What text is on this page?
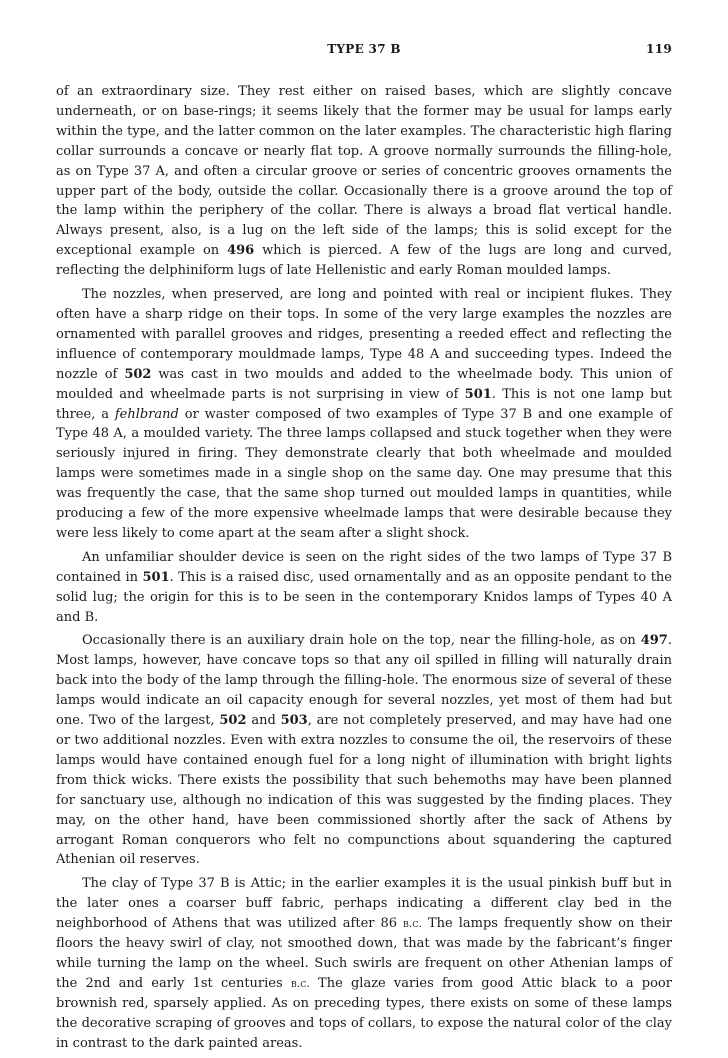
TYPE 37 B	119

of an extraordinary size. They rest either on raised bases, which are slightly concave underneath, or on base-rings; it seems likely that the former may be usual for lamps early within the type, and the latter common on the later examples. The characteristic high flaring collar surrounds a concave or nearly flat top. A groove normally surrounds the filling-hole, as on Type 37 A, and often a circular groove or series of concentric grooves ornaments the upper part of the body, outside the collar. Occasionally there is a groove around the top of the lamp within the periphery of the collar. There is always a broad flat vertical handle. Always present, also, is a lug on the left side of the lamps; this is solid except for the exceptional example on 496 which is pierced. A few of the lugs are long and curved, reflecting the delphiniform lugs of late Hellenistic and early Roman moulded lamps.

The nozzles, when preserved, are long and pointed with real or incipient flukes. They often have a sharp ridge on their tops. In some of the very large examples the nozzles are ornamented with parallel grooves and ridges, presenting a reeded effect and reflecting the influence of contemporary mouldmade lamps, Type 48 A and succeeding types. Indeed the nozzle of 502 was cast in two moulds and added to the wheelmade body. This union of moulded and wheelmade parts is not surprising in view of 501. This is not one lamp but three, a fehlbrand or waster composed of two examples of Type 37 B and one example of Type 48 A, a moulded variety. The three lamps collapsed and stuck together when they were seriously injured in firing. They demonstrate clearly that both wheelmade and moulded lamps were sometimes made in a single shop on the same day. One may presume that this was frequently the case, that the same shop turned out moulded lamps in quantities, while producing a few of the more expensive wheelmade lamps that were desirable because they were less likely to come apart at the seam after a slight shock.

An unfamiliar shoulder device is seen on the right sides of the two lamps of Type 37 B contained in 501. This is a raised disc, used ornamentally and as an opposite pendant to the solid lug; the origin for this is to be seen in the contemporary Knidos lamps of Types 40 A and B.

Occasionally there is an auxiliary drain hole on the top, near the filling-hole, as on 497. Most lamps, however, have concave tops so that any oil spilled in filling will naturally drain back into the body of the lamp through the filling-hole. The enormous size of several of these lamps would indicate an oil capacity enough for several nozzles, yet most of them had but one. Two of the largest, 502 and 503, are not completely preserved, and may have had one or two additional nozzles. Even with extra nozzles to consume the oil, the reservoirs of these lamps would have contained enough fuel for a long night of illumination with bright lights from thick wicks. There exists the possibility that such behemoths may have been planned for sanctuary use, although no indication of this was suggested by the finding places. They may, on the other hand, have been commissioned shortly after the sack of Athens by arrogant Roman conquerors who felt no compunctions about squandering the captured Athenian oil reserves.

The clay of Type 37 B is Attic; in the earlier examples it is the usual pinkish buff but in the later ones a coarser buff fabric, perhaps indicating a different clay bed in the neighborhood of Athens that was utilized after 86 b.c. The lamps frequently show on their floors the heavy swirl of clay, not smoothed down, that was made by the fabricant’s finger while turning the lamp on the wheel. Such swirls are frequent on other Athenian lamps of the 2nd and early 1st centuries b.c. The glaze varies from good Attic black to a poor brownish red, sparsely applied. As on preceding types, there exists on some of these lamps the decorative scraping of grooves and tops of collars, to expose the natural color of the clay in contrast to the dark painted areas.
